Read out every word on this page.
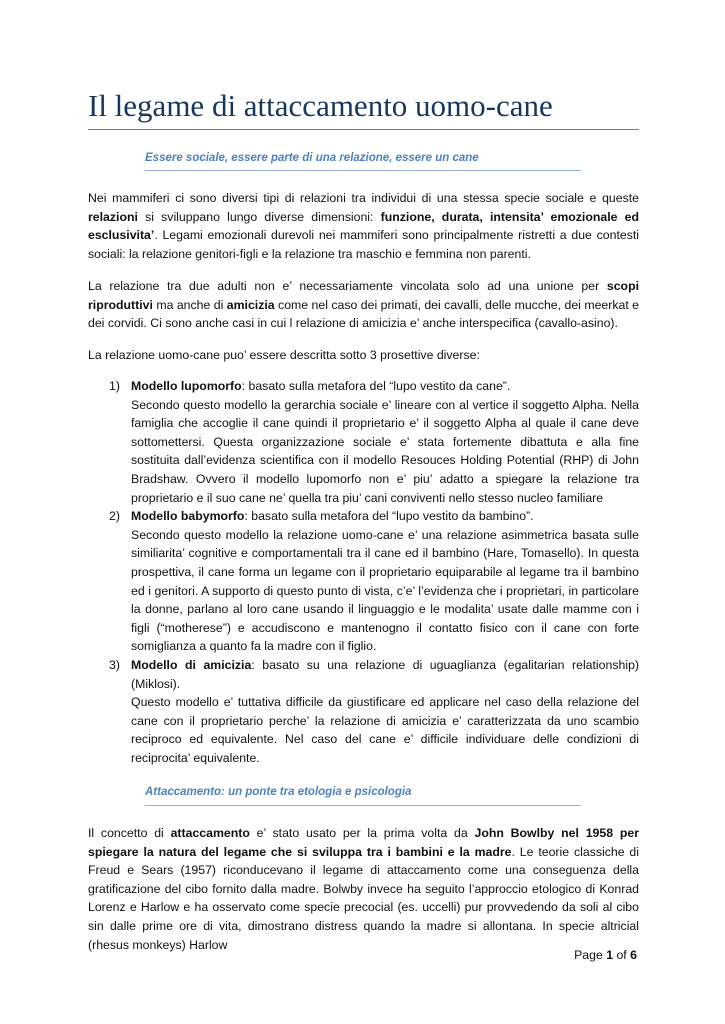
Il legame di attaccamento uomo-cane
Essere sociale, essere parte di una relazione, essere un cane

Nei mammiferi ci sono diversi tipi di relazioni tra individui di una stessa specie sociale e queste relazioni si sviluppano lungo diverse dimensioni: funzione, durata, intensita’ emozionale ed esclusivita’. Legami emozionali durevoli nei mammiferi sono principalmente ristretti a due contesti sociali: la relazione genitori-figli e la relazione tra maschio e femmina non parenti.

La relazione tra due adulti non e’ necessariamente vincolata solo ad una unione per scopi riproduttivi ma anche di amicizia come nel caso dei primati, dei cavalli, delle mucche, dei meerkat e dei corvidi. Ci sono anche casi in cui l relazione di amicizia e’ anche interspecifica (cavallo-asino).

La relazione uomo-cane puo’ essere descritta sotto 3 prosettive diverse:

1) Modello lupomorfo: basato sulla metafora del “lupo vestito da cane”.
Secondo questo modello la gerarchia sociale e’ lineare con al vertice il soggetto Alpha. Nella famiglia che accoglie il cane quindi il proprietario e’ il soggetto Alpha al quale il cane deve sottomettersi. Questa organizzazione sociale e’ stata fortemente dibattuta e alla fine sostituita dall’evidenza scientifica con il modello Resouces Holding Potential (RHP) di John Bradshaw. Ovvero il modello lupomorfo non e’ piu’ adatto a spiegare la relazione tra proprietario e il suo cane ne’ quella tra piu’ cani conviventi nello stesso nucleo familiare
2) Modello babymorfo: basato sulla metafora del “lupo vestito da bambino”.
Secondo questo modello la relazione uomo-cane e’ una relazione asimmetrica basata sulle similiarita’ cognitive e comportamentali tra il cane ed il bambino (Hare, Tomasello). In questa prospettiva, il cane forma un legame con il proprietario equiparabile al legame tra il bambino ed i genitori. A supporto di questo punto di vista, c’e’ l’evidenza che i proprietari, in particolare la donne, parlano al loro cane usando il linguaggio e le modalita’ usate dalle mamme con i figli (“motherese”) e accudiscono e mantenogno il contatto fisico con il cane con forte somiglianza a quanto fa la madre con il figlio.
3) Modello di amicizia: basato su una relazione di uguaglianza (egalitarian relationship) (Miklosi).
Questo modello e’ tuttativa difficile da giustificare ed applicare nel caso della relazione del cane con il proprietario perche’ la relazione di amicizia e’ caratterizzata da uno scambio reciproco ed equivalente. Nel caso del cane e’ difficile individuare delle condizioni di reciprocita’ equivalente.
Attaccamento: un ponte tra etologia e psicologia

Il concetto di attaccamento e’ stato usato per la prima volta da John Bowlby nel 1958 per spiegare la natura del legame che si sviluppa tra i bambini e la madre. Le teorie classiche di Freud e Sears (1957) riconducevano il legame di attaccamento come una conseguenza della gratificazione del cibo fornito dalla madre. Bolwby invece ha seguito l’approccio etologico di Konrad Lorenz e Harlow e ha osservato come specie precocial (es. uccelli) pur provvedendo da soli al cibo sin dalle prime ore di vita, dimostrano distress quando la madre si allontana. In specie altricial (rhesus monkeys) Harlow

Page 1 of 6
